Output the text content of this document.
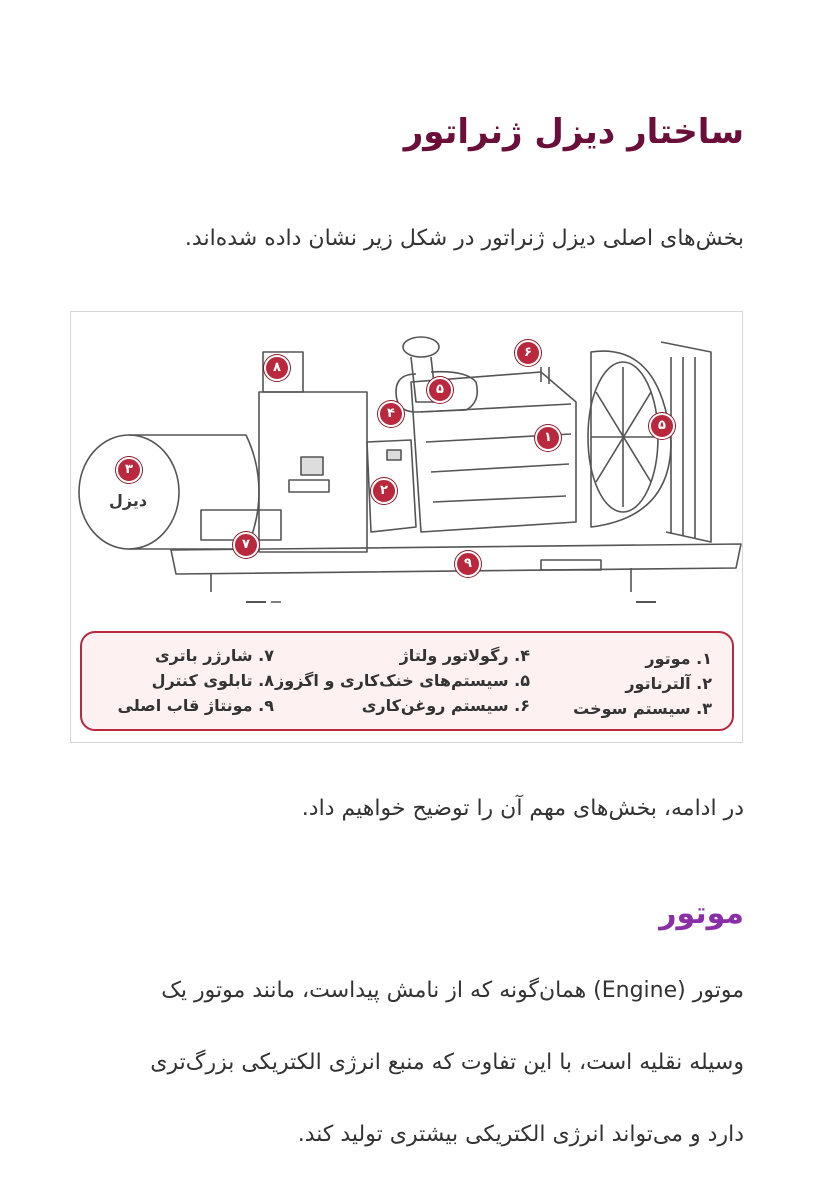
ساختار دیزل ژنراتور

بخش‌های اصلی دیزل ژنراتور در شکل زیر نشان داده شده‌اند.

دیزل
۱
۲
۳
۴
۵
۵
۶
۷
۸
۹
۱. موتور
۲. آلترناتور
۳. سیستم سوخت
۴. رگولاتور ولتاژ
۵. سیستم‌های خنک‌کاری و اگزوز
۶. سیستم روغن‌کاری
۷. شارژر باتری
۸. تابلوی کنترل
۹. مونتاژ قاب اصلی

در ادامه، بخش‌های مهم آن را توضیح خواهیم داد.

موتور

موتور (Engine) همان‌گونه که از نامش پیداست، مانند موتور یک

وسیله نقلیه است، با این تفاوت که منبع انرژی الکتریکی بزرگ‌تری

دارد و می‌تواند انرژی الکتریکی بیشتری تولید کند.
